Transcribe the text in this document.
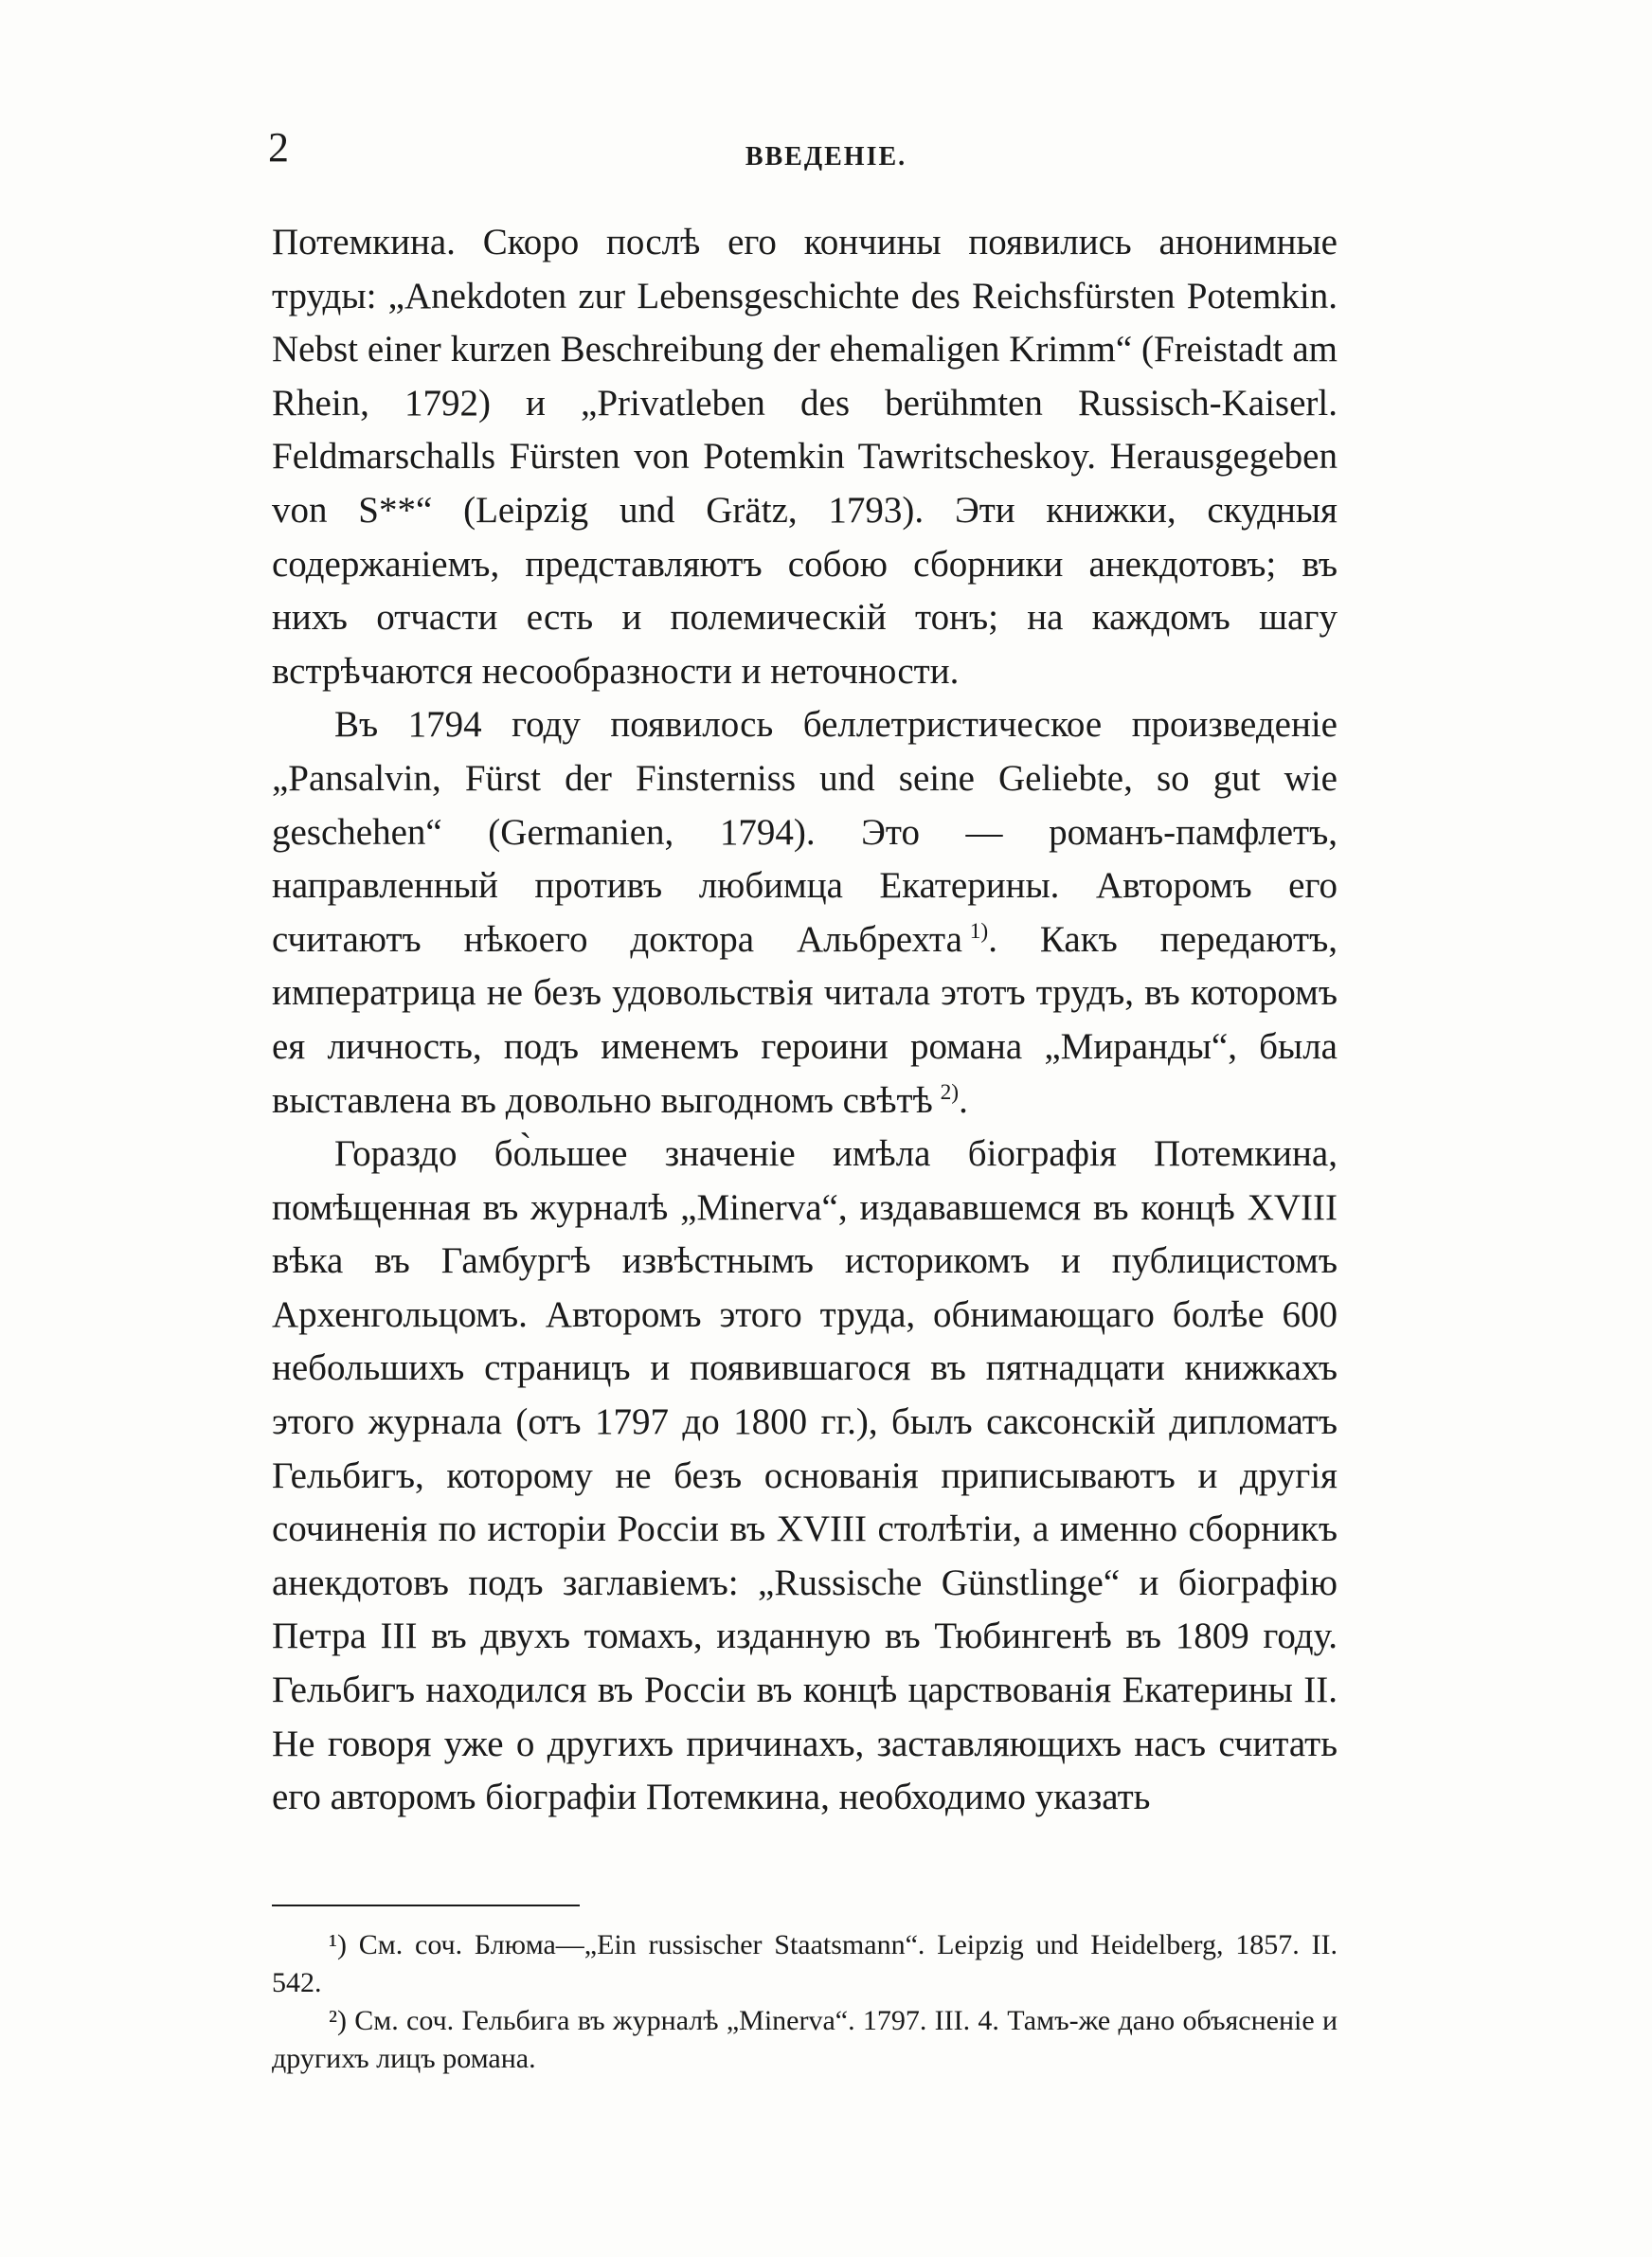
2	ВВЕДЕНІЕ.

Потемкина. Скоро послѣ его кончины появились анонимные труды: „Anekdoten zur Lebensgeschichte des Reichsfürsten Potemkin. Nebst einer kurzen Beschreibung der ehemaligen Krimm“ (Freistadt am Rhein, 1792) и „Privatleben des berühmten Russisch-Kaiserl. Feldmarschalls Fürsten von Potemkin Tawritscheskoy. Herausgegeben von S**“ (Leipzig und Grätz, 1793). Эти книжки, скудныя содержаніемъ, представляютъ собою сборники анекдотовъ; въ нихъ отчасти есть и полемическій тонъ; на каждомъ шагу встрѣчаются несообразности и неточности.

Въ 1794 году появилось беллетристическое произведеніе „Pansalvin, Fürst der Finsterniss und seine Geliebte, so gut wie geschehen“ (Germanien, 1794). Это — романъ-памфлетъ, направленный противъ любимца Екатерины. Авторомъ его считаютъ нѣкоего доктора Альбрехта  $^{1)}$. Какъ передаютъ, императрица не безъ удовольствія читала этотъ трудъ, въ которомъ ея личность, подъ именемъ героини романа „Миранды“, была выставлена въ довольно выгодномъ свѣтѣ  $^{2)}$.

Гораздо бо̀льшее значеніе имѣла біографія Потемкина, помѣщенная въ журналѣ „Minerva“, издававшемся въ концѣ XVIII вѣка въ Гамбургѣ извѣстнымъ историкомъ и публицистомъ Архенгольцомъ. Авторомъ этого труда, обнимающаго болѣе 600 небольшихъ страницъ и появившагося въ пятнадцати книжкахъ этого журнала (отъ 1797 до 1800 гг.), былъ саксонскій дипломатъ Гельбигъ, которому не безъ основанія приписываютъ и другія сочиненія по исторіи Россіи въ XVIII столѣтіи, а именно сборникъ анекдотовъ подъ заглавіемъ: „Russische Günstlinge“ и біографію Петра III въ двухъ томахъ, изданную въ Тюбингенѣ въ 1809 году. Гельбигъ находился въ Россіи въ концѣ царствованія Екатерины II. Не говоря уже о другихъ причинахъ, заставляющихъ насъ считать его авторомъ біографіи Потемкина, необходимо указать

¹) См. соч. Блюма—„Ein russischer Staatsmann“. Leipzig und Heidelberg, 1857. II. 542.

²) См. соч. Гельбига въ журналѣ „Minerva“. 1797. III. 4. Тамъ-же дано объясненіе и другихъ лицъ романа.
